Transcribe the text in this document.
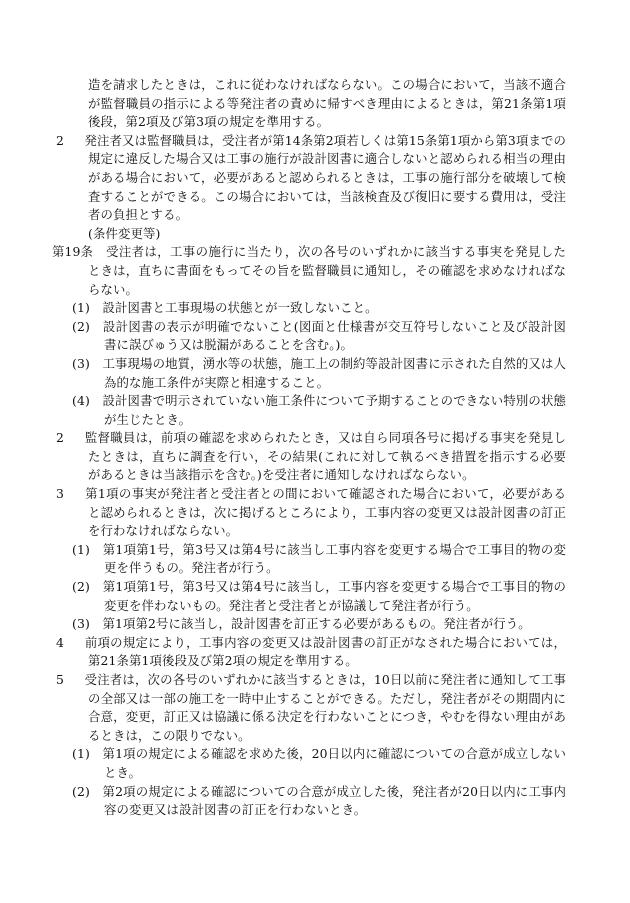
造を請求したときは，これに従わなければならない。この場合において，当該不適合が監督職員の指示による等発注者の責めに帰すべき理由によるときは，第21条第1項後段，第2項及び第3項の規定を準用する。

2　 発注者又は監督職員は，受注者が第14条第2項若しくは第15条第1項から第3項までの規定に違反した場合又は工事の施行が設計図書に適合しないと認められる相当の理由がある場合において，必要があると認められるときは，工事の施行部分を破壊して検査することができる。この場合においては，当該検査及び復旧に要する費用は，受注者の負担とする。

(条件変更等)

第19条　 受注者は，工事の施行に当たり，次の各号のいずれかに該当する事実を発見したときは，直ちに書面をもってその旨を監督職員に通知し，その確認を求めなければならない。

(1)　 設計図書と工事現場の状態とが一致しないこと。

(2)　 設計図書の表示が明確でないこと(図面と仕様書が交互符号しないこと及び設計図書に誤びゅう又は脱漏があることを含む。)。

(3)　 工事現場の地質，湧水等の状態，施工上の制約等設計図書に示された自然的又は人為的な施工条件が実際と相違すること。

(4)　 設計図書で明示されていない施工条件について予期することのできない特別の状態が生じたとき。

2　 監督職員は，前項の確認を求められたとき，又は自ら同項各号に掲げる事実を発見したときは，直ちに調査を行い，その結果(これに対して執るべき措置を指示する必要があるときは当該指示を含む。)を受注者に通知しなければならない。

3　 第1項の事実が発注者と受注者との間において確認された場合において，必要があると認められるときは，次に掲げるところにより，工事内容の変更又は設計図書の訂正を行わなければならない。

(1)　 第1項第1号，第3号又は第4号に該当し工事内容を変更する場合で工事目的物の変更を伴うもの。発注者が行う。

(2)　 第1項第1号，第3号又は第4号に該当し，工事内容を変更する場合で工事目的物の変更を伴わないもの。発注者と受注者とが協議して発注者が行う。

(3)　 第1項第2号に該当し，設計図書を訂正する必要があるもの。発注者が行う。

4　 前項の規定により，工事内容の変更又は設計図書の訂正がなされた場合においては，第21条第1項後段及び第2項の規定を準用する。

5　 受注者は，次の各号のいずれかに該当するときは，10日以前に発注者に通知して工事の全部又は一部の施工を一時中止することができる。ただし，発注者がその期間内に合意，変更，訂正又は協議に係る決定を行わないことにつき，やむを得ない理由があるときは，この限りでない。

(1)　 第1項の規定による確認を求めた後，20日以内に確認についての合意が成立しないとき。

(2)　 第2項の規定による確認についての合意が成立した後，発注者が20日以内に工事内容の変更又は設計図書の訂正を行わないとき。
